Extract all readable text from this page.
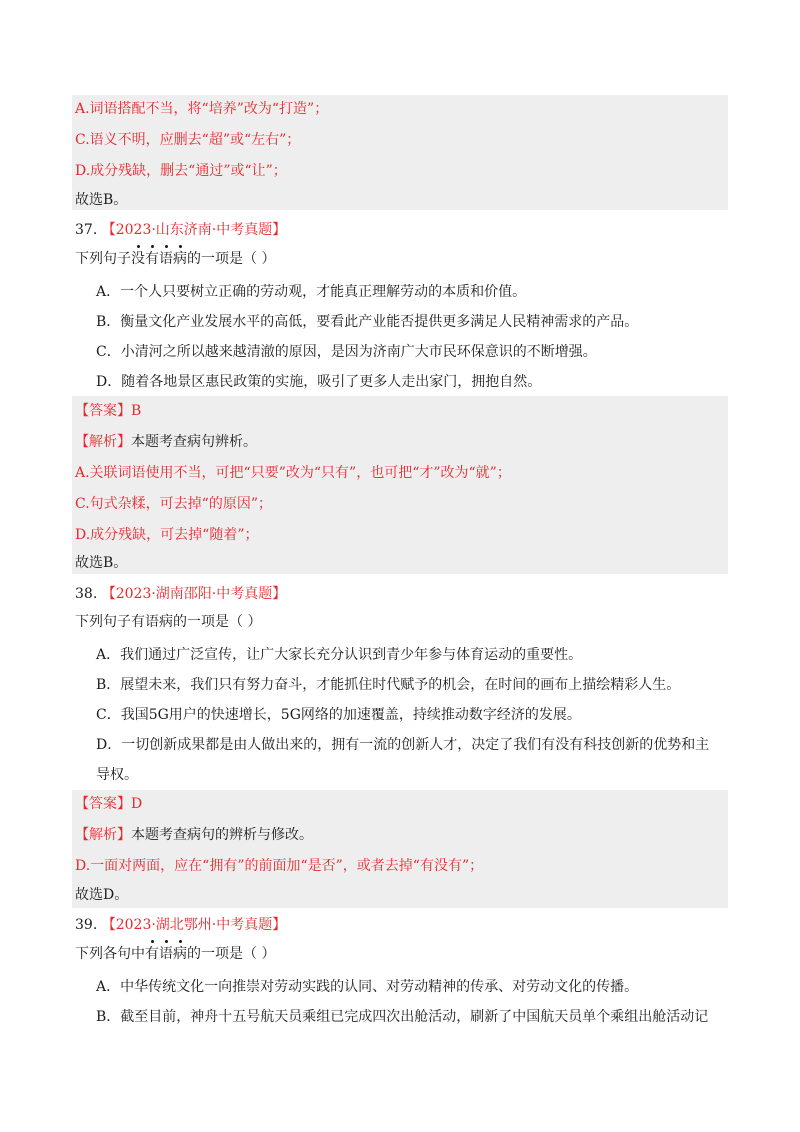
A.词语搭配不当，将“培养”改为“打造”；
C.语义不明，应删去“超”或“左右”；
D.成分残缺，删去“通过”或“让”；
故选B。
37. 【2023·山东济南·中考真题】
下列句子没有语病的一项是（ ）
A．一个人只要树立正确的劳动观，才能真正理解劳动的本质和价值。
B．衡量文化产业发展水平的高低，要看此产业能否提供更多满足人民精神需求的产品。
C．小清河之所以越来越清澈的原因，是因为济南广大市民环保意识的不断增强。
D．随着各地景区惠民政策的实施，吸引了更多人走出家门，拥抱自然。
【答案】B
【解析】本题考查病句辨析。
A.关联词语使用不当，可把“只要”改为“只有”，也可把“才”改为“就”；
C.句式杂糅，可去掉“的原因”；
D.成分残缺，可去掉“随着”；
故选B。
38. 【2023·湖南邵阳·中考真题】
下列句子有语病的一项是（ ）
A．我们通过广泛宣传，让广大家长充分认识到青少年参与体育运动的重要性。
B．展望未来，我们只有努力奋斗，才能抓住时代赋予的机会，在时间的画布上描绘精彩人生。
C．我国5G用户的快速增长，5G网络的加速覆盖，持续推动数字经济的发展。
D．一切创新成果都是由人做出来的，拥有一流的创新人才，决定了我们有没有科技创新的优势和主
导权。
【答案】D
【解析】本题考查病句的辨析与修改。
D.一面对两面，应在“拥有”的前面加“是否”，或者去掉“有没有”；
故选D。
39. 【2023·湖北鄂州·中考真题】
下列各句中有语病的一项是（ ）
A．中华传统文化一向推崇对劳动实践的认同、对劳动精神的传承、对劳动文化的传播。
B．截至目前，神舟十五号航天员乘组已完成四次出舱活动，刷新了中国航天员单个乘组出舱活动记
